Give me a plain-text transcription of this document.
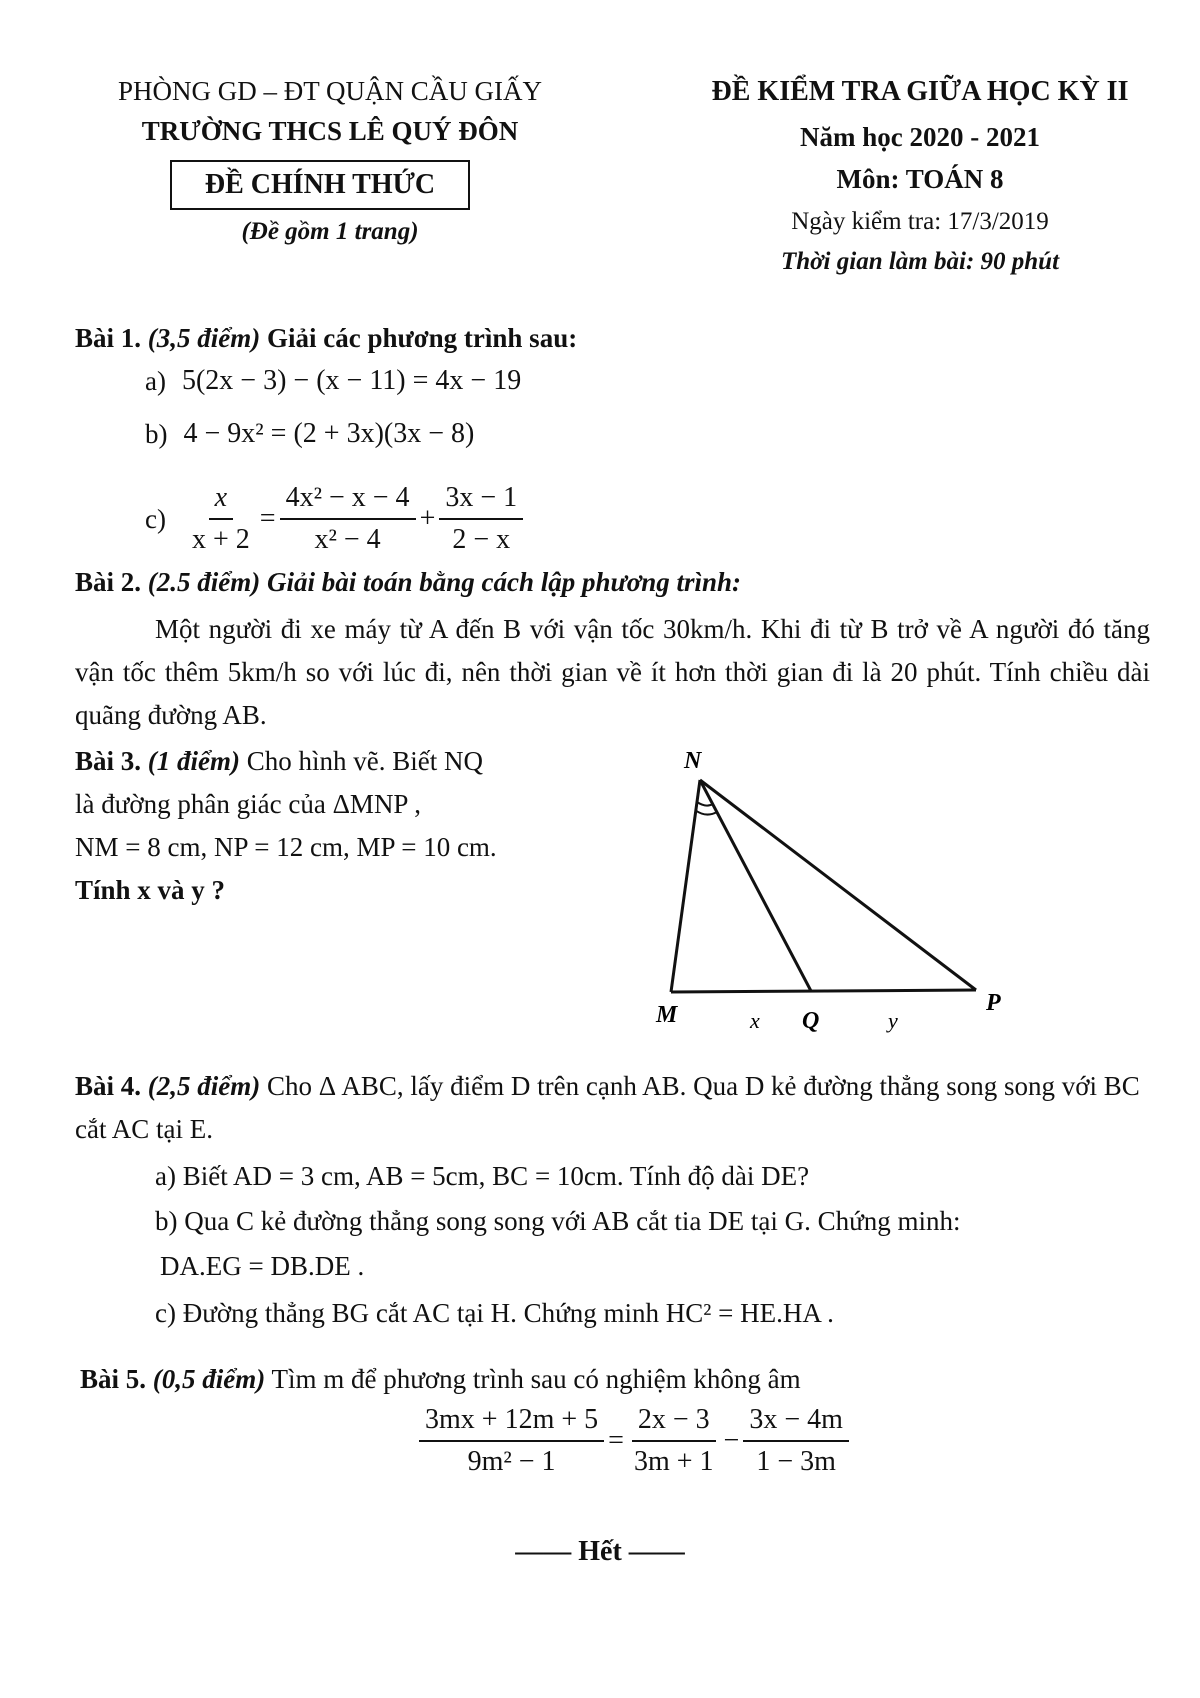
PHÒNG GD – ĐT QUẬN CẦU GIẤY
TRƯỜNG THCS LÊ QUÝ ĐÔN
ĐỀ CHÍNH THỨC
(Đề gồm 1 trang)
ĐỀ KIỂM TRA GIỮA HỌC KỲ II
Năm học 2020 - 2021
Môn: TOÁN 8
Ngày kiểm tra: 17/3/2019
Thời gian làm bài: 90 phút
Bài 1. (3,5 điểm) Giải các phương trình sau:
a) 5(2x − 3) − (x − 11) = 4x − 19
b) 4 − 9x² = (2 + 3x)(3x − 8)
$c) \frac{x}{x + 2} = \frac{\text{4x² − x − 4}}{\text{x² − 4}} + \frac{3x - 1}{2 - x}$
Bài 2. (2.5 điểm) Giải bài toán bằng cách lập phương trình:
Một người đi xe máy từ A đến B với vận tốc 30km/h. Khi đi từ B trở về A người đó tăng vận tốc thêm 5km/h so với lúc đi, nên thời gian về ít hơn thời gian đi là 20 phút. Tính chiều dài quãng đường AB.
Bài 3. (1 điểm) Cho hình vẽ. Biết NQ
là đường phân giác của ΔMNP ,
NM = 8 cm, NP = 12 cm, MP = 10 cm.
Tính x và y ?
N
M	P
Q
x	y
Bài 4. (2,5 điểm) Cho Δ ABC, lấy điểm D trên cạnh AB. Qua D kẻ đường thẳng song song với BC cắt AC tại E.
a) Biết AD = 3 cm, AB = 5cm, BC = 10cm. Tính độ dài DE?
b) Qua C kẻ đường thẳng song song với AB cắt tia DE tại G. Chứng minh:
DA.EG = DB.DE .
c) Đường thẳng BG cắt AC tại H. Chứng minh HC² = HE.HA .
Bài 5. (0,5 điểm) Tìm m để phương trình sau có nghiệm không âm
$\frac{3mx + 12m + 5}{\text{9m² − 1}} = \frac{2x - 3}{3m + 1} - \frac{3x - 4m}{1 - 3m}$
—— Hết ——
